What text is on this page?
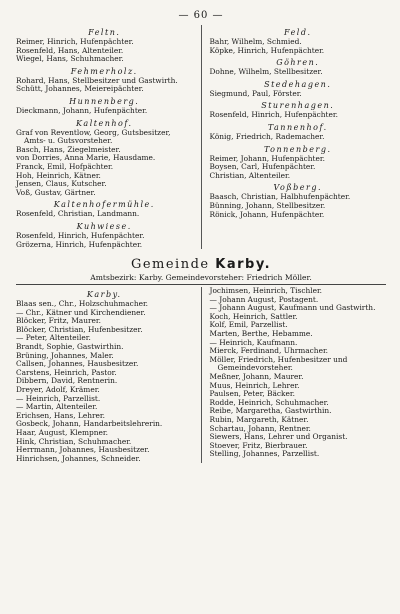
— 60 —
Feltn.
Reimer, Hinrich, Hufenpächter.
Rosenfeld, Hans, Altenteiler.
Wiegel, Hans, Schuhmacher.
Fehmerholz.
Rohard, Hans, Stellbesitzer und Gastwirth.
Schütt, Johannes, Meiereipächter.
Hunnenberg.
Dieckmann, Johann, Hufenpächter.
Kaltenhof.
Graf von Reventlow, Georg, Gutsbesitzer, Amts- u. Gutsvorsteher.
Basch, Hans, Ziegelmeister.
von Dorries, Anna Marie, Hausdame.
Franck, Emil, Hofpächter.
Hoh, Heinrich, Kätner.
Jensen, Claus, Kutscher.
Voß, Gustav, Gärtner.
Kaltenhofermühle.
Rosenfeld, Christian, Landmann.
Kuhwiese.
Rosenfeld, Hinrich, Hufenpächter.
Grözerna, Hinrich, Hufenpächter.
Feld.
Bahr, Wilhelm, Schmied.
Köpke, Hinrich, Hufenpächter.
Göhren.
Dohne, Wilhelm, Stellbesitzer.
Stedehagen.
Siegmund, Paul, Förster.
Sturenhagen.
Rosenfeld, Hinrich, Hufenpächter.
Tannenhof.
König, Friedrich, Rademacher.
Tonnenberg.
Reimer, Johann, Hufenpächter.
Boysen, Carl, Hufenpächter.
Christian, Altenteiler.
Voßberg.
Baasch, Christian, Halbhufenpächter.
Bünning, Johann, Stellbesitzer.
Rönick, Johann, Hufenpächter.
Gemeinde Karby.
Amtsbezirk: Karby. Gemeindevorsteher: Friedrich Möller.
Karby.
Blaas sen., Chr., Holzschuhmacher.
— Chr., Kätner und Kirchendiener.
Blöcker, Fritz, Maurer.
Blöcker, Christian, Hufenbesitzer.
— Peter, Altenteiler.
Brandt, Sophie, Gastwirthin.
Brüning, Johannes, Maler.
Callsen, Johannes, Hausbesitzer.
Carstens, Heinrich, Pastor.
Dibbern, David, Rentnerin.
Dreyer, Adolf, Krämer.
— Heinrich, Parzellist.
— Martin, Altenteiler.
Erichsen, Hans, Lehrer.
Gosbeck, Johann, Handarbeitslehrerin.
Haar, August, Klempner.
Hink, Christian, Schuhmacher.
Herrmann, Johannes, Hausbesitzer.
Hinrichsen, Johannes, Schneider.
Jochimsen, Heinrich, Tischler.
— Johann August, Postagent.
— Johann August, Kaufmann und Gastwirth.
Koch, Heinrich, Sattler.
Kolf, Emil, Parzellist.
Marten, Berthe, Hebamme.
— Heinrich, Kaufmann.
Mierck, Ferdinand, Uhrmacher.
Möller, Friedrich, Hufenbesitzer und Gemeindevorsteher.
Meßner, Johann, Maurer.
Muus, Heinrich, Lehrer.
Paulsen, Peter, Bäcker.
Rodde, Heinrich, Schuhmacher.
Reibe, Margaretha, Gastwirthin.
Rubin, Margareth, Kätner.
Schartau, Johann, Rentner.
Siewers, Hans, Lehrer und Organist.
Stoever, Fritz, Bierbrauer.
Stelling, Johannes, Parzellist.
